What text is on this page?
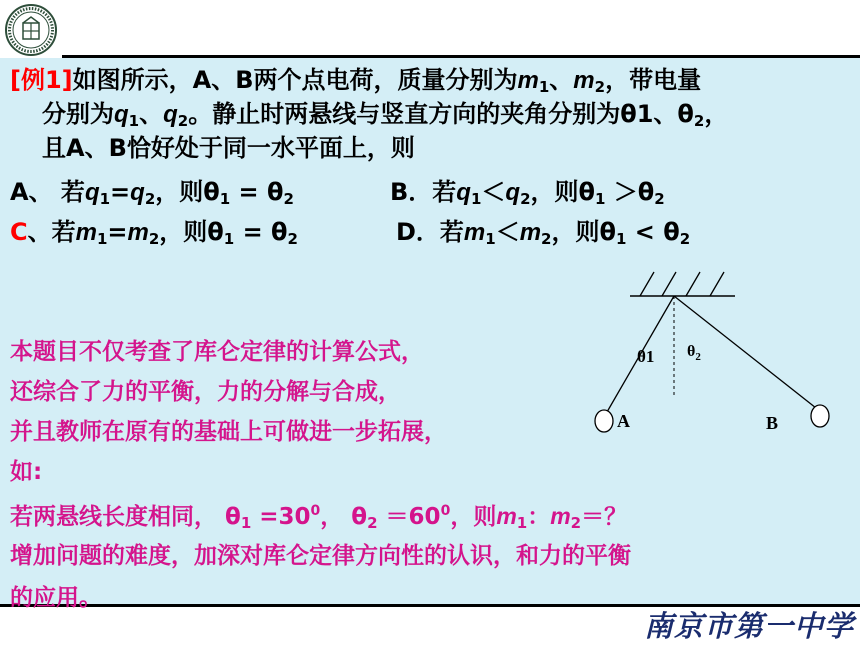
[例1]如图所示，A、B两个点电荷，质量分别为$m_1$、$m_2$，带电量
分别为$q_1$、$q_2$。静止时两悬线与竖直方向的夹角分别为θ1、$\theta_2$，
且A、B恰好处于同一水平面上，则
A、 若$q_1=q_2$，则$\theta_1 = \theta_2$	B．若$q_1<q_2$，则$\theta_1 >\theta_2$
C、若$m_1=m_2$，则$\theta_1 = \theta_2$	D．若$m_1<m_2$，则$\theta_1 < \theta_2$
本题目不仅考查了库仑定律的计算公式，
还综合了力的平衡，力的分解与合成，
并且教师在原有的基础上可做进一步拓展，
如:
若两悬线长度相同， $\theta_1 =30^0$， $\theta_2 =60^0$，则$m_1$：$m_2=$？
增加问题的难度，加深对库仑定律方向性的认识，和力的平衡
的应用。
θ1 $\theta_2$
A	B
南京市第一中学
